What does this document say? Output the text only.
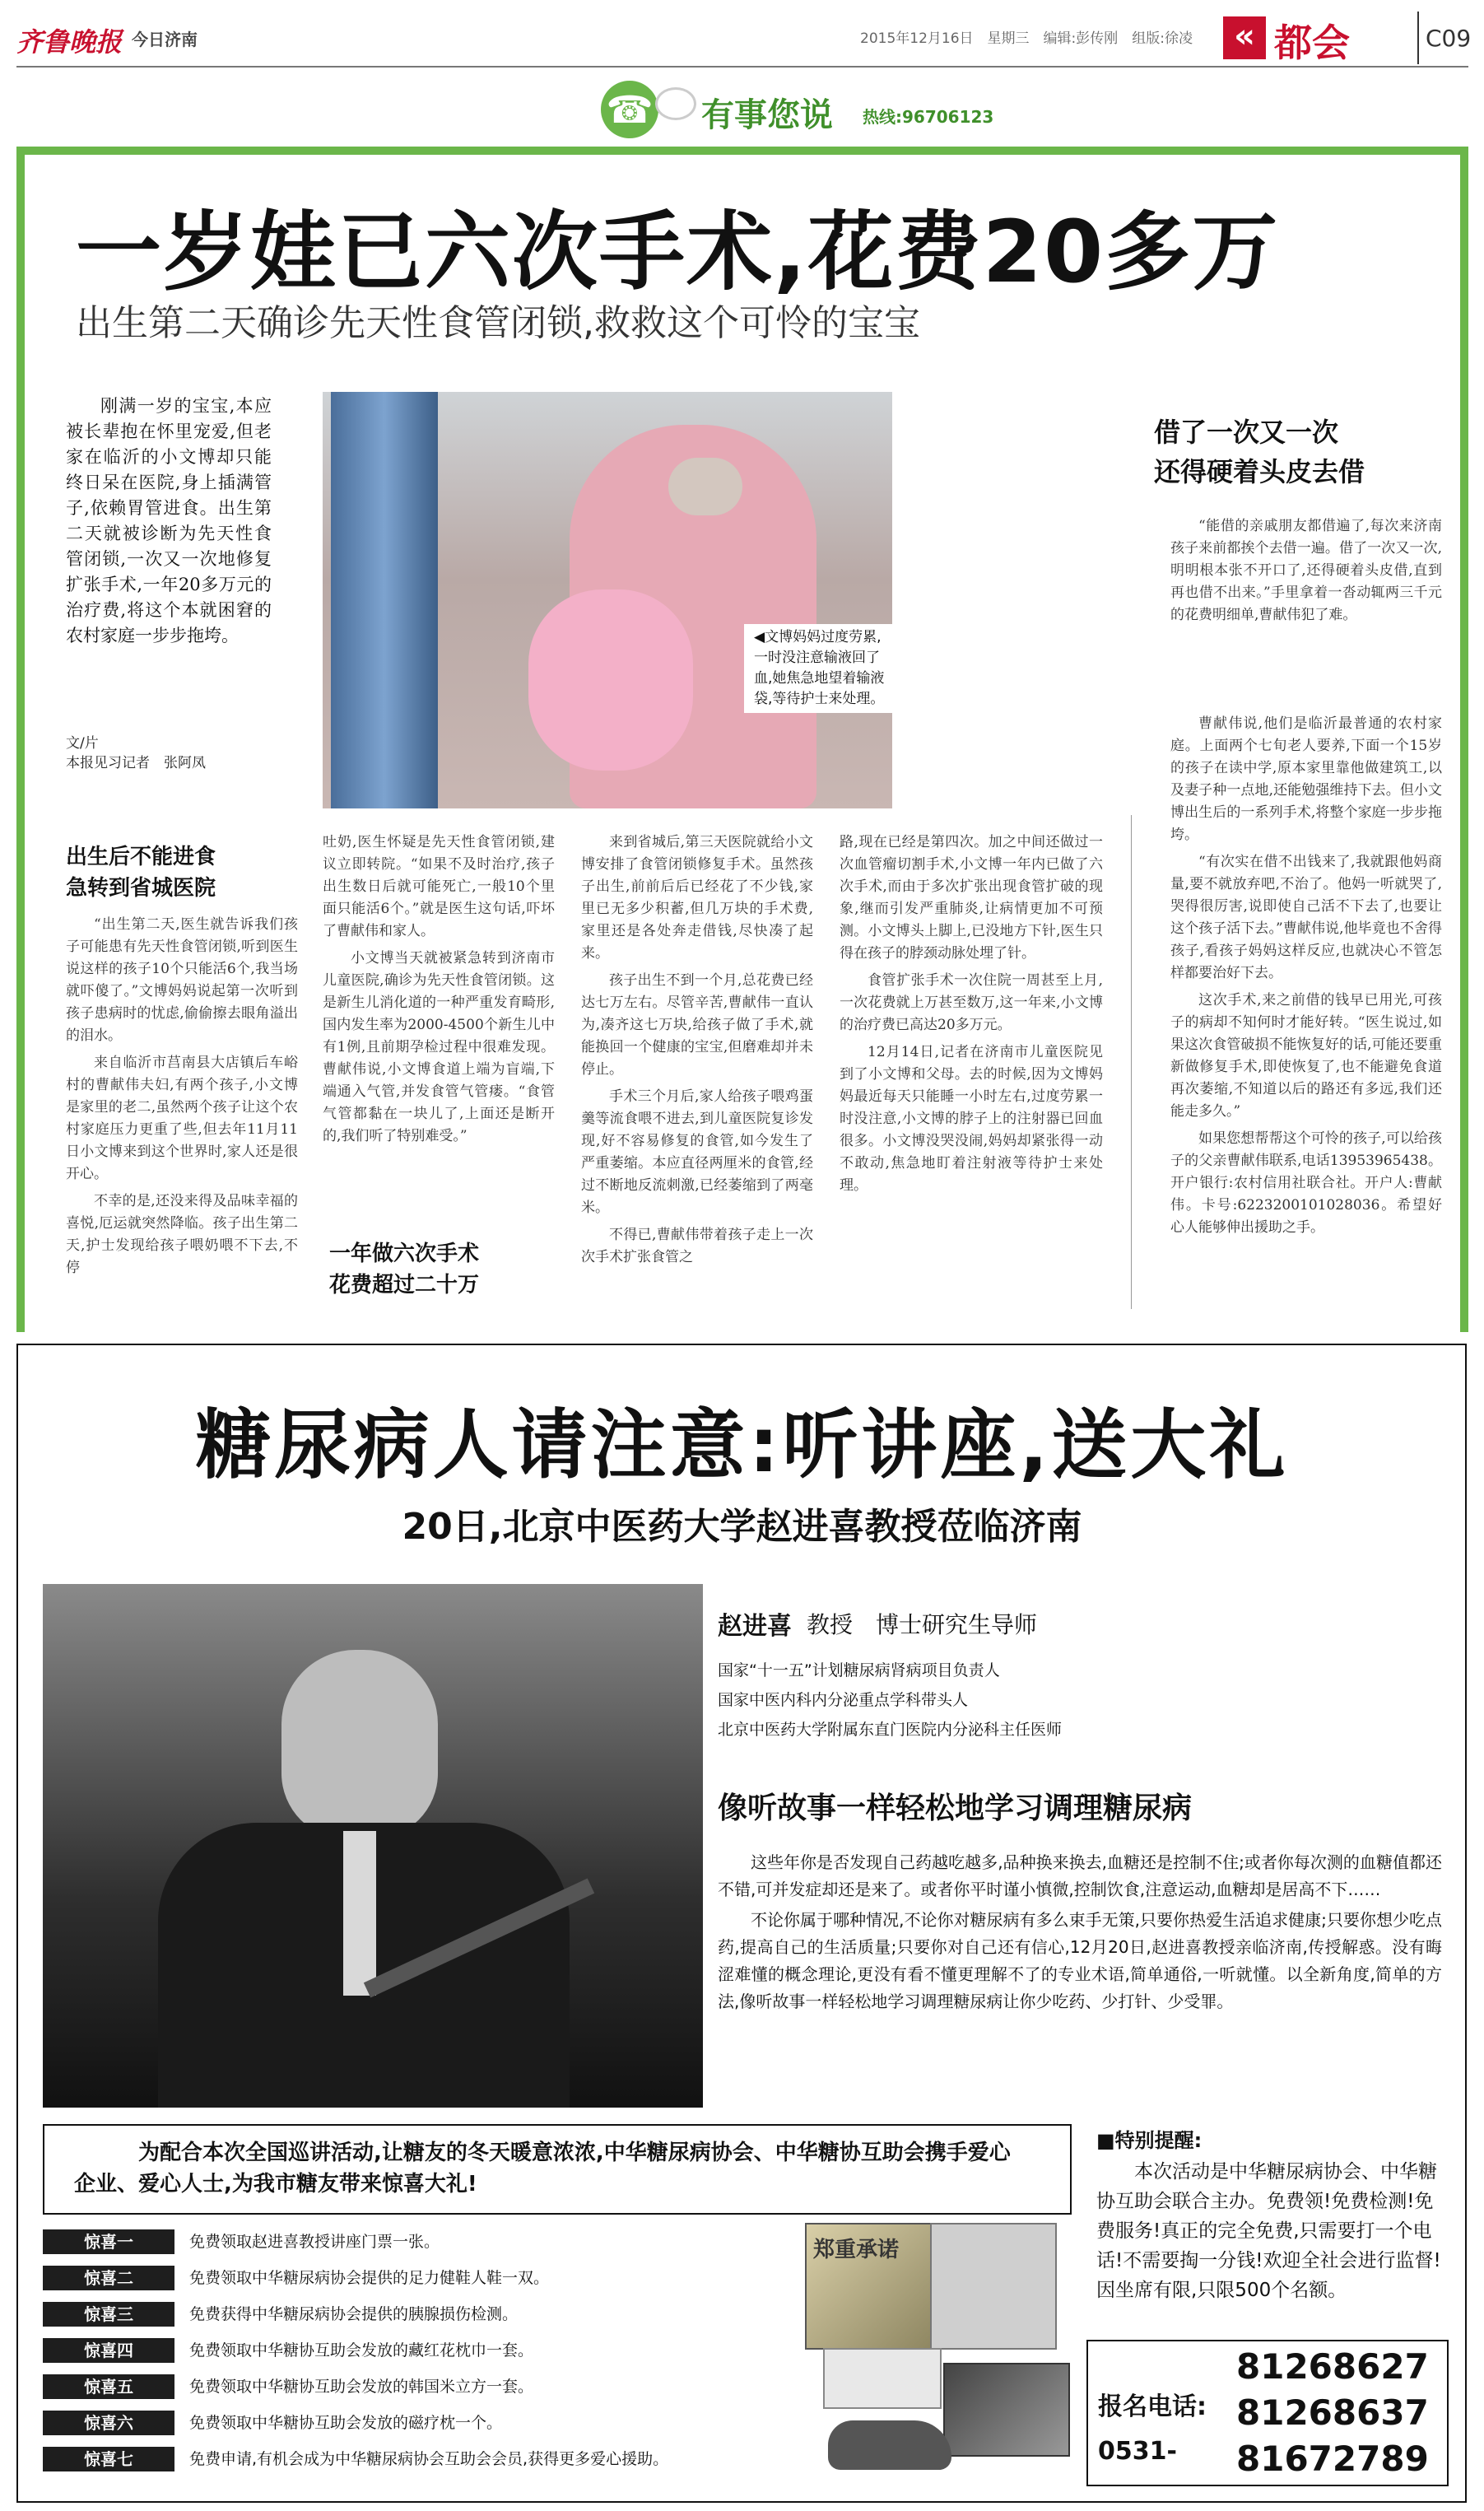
齐鲁晚报 今日济南	2015年12月16日　星期三　编辑:彭传刚　组版:徐凌	« 都会	C09
☎ 有事您说 热线:96706123
一岁娃已六次手术,花费20多万
出生第二天确诊先天性食管闭锁,救救这个可怜的宝宝

刚满一岁的宝宝,本应被长辈抱在怀里宠爱,但老家在临沂的小文博却只能终日呆在医院,身上插满管子,依赖胃管进食。出生第二天就被诊断为先天性食管闭锁,一次又一次地修复扩张手术,一年20多万元的治疗费,将这个本就困窘的农村家庭一步步拖垮。

文/片
本报见习记者　张阿凤
◀文博妈妈过度劳累,一时没注意输液回了血,她焦急地望着输液袋,等待护士来处理。
借了一次又一次
还得硬着头皮去借

“能借的亲戚朋友都借遍了,每次来济南孩子来前都挨个去借一遍。借了一次又一次,明明根本张不开口了,还得硬着头皮借,直到再也借不出来。”手里拿着一沓动辄两三千元的花费明细单,曹献伟犯了难。

曹献伟说,他们是临沂最普通的农村家庭。上面两个七旬老人要养,下面一个15岁的孩子在读中学,原本家里靠他做建筑工,以及妻子种一点地,还能勉强维持下去。但小文博出生后的一系列手术,将整个家庭一步步拖垮。

“有次实在借不出钱来了,我就跟他妈商量,要不就放弃吧,不治了。他妈一听就哭了,哭得很厉害,说即使自己活不下去了,也要让这个孩子活下去。”曹献伟说,他毕竟也不舍得孩子,看孩子妈妈这样反应,也就决心不管怎样都要治好下去。

这次手术,来之前借的钱早已用光,可孩子的病却不知何时才能好转。“医生说过,如果这次食管破损不能恢复好的话,可能还要重新做修复手术,即使恢复了,也不能避免食道再次萎缩,不知道以后的路还有多远,我们还能走多久。”

如果您想帮帮这个可怜的孩子,可以给孩子的父亲曹献伟联系,电话13953965438。开户银行:农村信用社联合社。开户人:曹献伟。卡号:6223200101028036。希望好心人能够伸出援助之手。

出生后不能进食
急转到省城医院

“出生第二天,医生就告诉我们孩子可能患有先天性食管闭锁,听到医生说这样的孩子10个只能活6个,我当场就吓傻了。”文博妈妈说起第一次听到孩子患病时的忧虑,偷偷擦去眼角溢出的泪水。

来自临沂市莒南县大店镇后车峪村的曹献伟夫妇,有两个孩子,小文博是家里的老二,虽然两个孩子让这个农村家庭压力更重了些,但去年11月11日小文博来到这个世界时,家人还是很开心。

不幸的是,还没来得及品味幸福的喜悦,厄运就突然降临。孩子出生第二天,护士发现给孩子喂奶喂不下去,不停

吐奶,医生怀疑是先天性食管闭锁,建议立即转院。“如果不及时治疗,孩子出生数日后就可能死亡,一般10个里面只能活6个。”就是医生这句话,吓坏了曹献伟和家人。

小文博当天就被紧急转到济南市儿童医院,确诊为先天性食管闭锁。这是新生儿消化道的一种严重发育畸形,国内发生率为2000-4500个新生儿中有1例,且前期孕检过程中很难发现。曹献伟说,小文博食道上端为盲端,下端通入气管,并发食管气管瘘。“食管气管都黏在一块儿了,上面还是断开的,我们听了特别难受。”

一年做六次手术
花费超过二十万

来到省城后,第三天医院就给小文博安排了食管闭锁修复手术。虽然孩子出生,前前后后已经花了不少钱,家里已无多少积蓄,但几万块的手术费,家里还是各处奔走借钱,尽快凑了起来。

孩子出生不到一个月,总花费已经达七万左右。尽管辛苦,曹献伟一直认为,凑齐这七万块,给孩子做了手术,就能换回一个健康的宝宝,但磨难却并未停止。

手术三个月后,家人给孩子喂鸡蛋羹等流食喂不进去,到儿童医院复诊发现,好不容易修复的食管,如今发生了严重萎缩。本应直径两厘米的食管,经过不断地反流刺激,已经萎缩到了两毫米。

不得已,曹献伟带着孩子走上一次次手术扩张食管之

路,现在已经是第四次。加之中间还做过一次血管瘤切割手术,小文博一年内已做了六次手术,而由于多次扩张出现食管扩破的现象,继而引发严重肺炎,让病情更加不可预测。小文博头上脚上,已没地方下针,医生只得在孩子的脖颈动脉处埋了针。

食管扩张手术一次住院一周甚至上月,一次花费就上万甚至数万,这一年来,小文博的治疗费已高达20多万元。

12月14日,记者在济南市儿童医院见到了小文博和父母。去的时候,因为文博妈妈最近每天只能睡一小时左右,过度劳累一时没注意,小文博的脖子上的注射器已回血很多。小文博没哭没闹,妈妈却紧张得一动不敢动,焦急地盯着注射液等待护士来处理。

糖尿病人请注意:听讲座,送大礼
20日,北京中医药大学赵进喜教授莅临济南
赵进喜 教授　博士研究生导师
国家“十一五”计划糖尿病肾病项目负责人
国家中医内科内分泌重点学科带头人
北京中医药大学附属东直门医院内分泌科主任医师
像听故事一样轻松地学习调理糖尿病

这些年你是否发现自己药越吃越多,品种换来换去,血糖还是控制不住;或者你每次测的血糖值都还不错,可并发症却还是来了。或者你平时谨小慎微,控制饮食,注意运动,血糖却是居高不下……

不论你属于哪种情况,不论你对糖尿病有多么束手无策,只要你热爱生活追求健康;只要你想少吃点药,提高自己的生活质量;只要你对自己还有信心,12月20日,赵进喜教授亲临济南,传授解惑。没有晦涩难懂的概念理论,更没有看不懂更理解不了的专业术语,简单通俗,一听就懂。以全新角度,简单的方法,像听故事一样轻松地学习调理糖尿病让你少吃药、少打针、少受罪。

为配合本次全国巡讲活动,让糖友的冬天暖意浓浓,中华糖尿病协会、中华糖协互助会携手爱心企业、爱心人士,为我市糖友带来惊喜大礼!
惊喜一	免费领取赵进喜教授讲座门票一张。
惊喜二	免费领取中华糖尿病协会提供的足力健鞋人鞋一双。
惊喜三	免费获得中华糖尿病协会提供的胰腺损伤检测。
惊喜四	免费领取中华糖协互助会发放的藏红花枕巾一套。
惊喜五	免费领取中华糖协互助会发放的韩国米立方一套。
惊喜六	免费领取中华糖协互助会发放的磁疗枕一个。
惊喜七	免费申请,有机会成为中华糖尿病协会互助会会员,获得更多爱心援助。
郑重承诺
■特别提醒:
本次活动是中华糖尿病协会、中华糖协互助会联合主办。免费领!免费检测!免费服务!真正的完全免费,只需要打一个电话!不需要掏一分钱!欢迎全社会进行监督!因坐席有限,只限500个名额。
报名电话:
0531-
81268627
81268637
81672789
